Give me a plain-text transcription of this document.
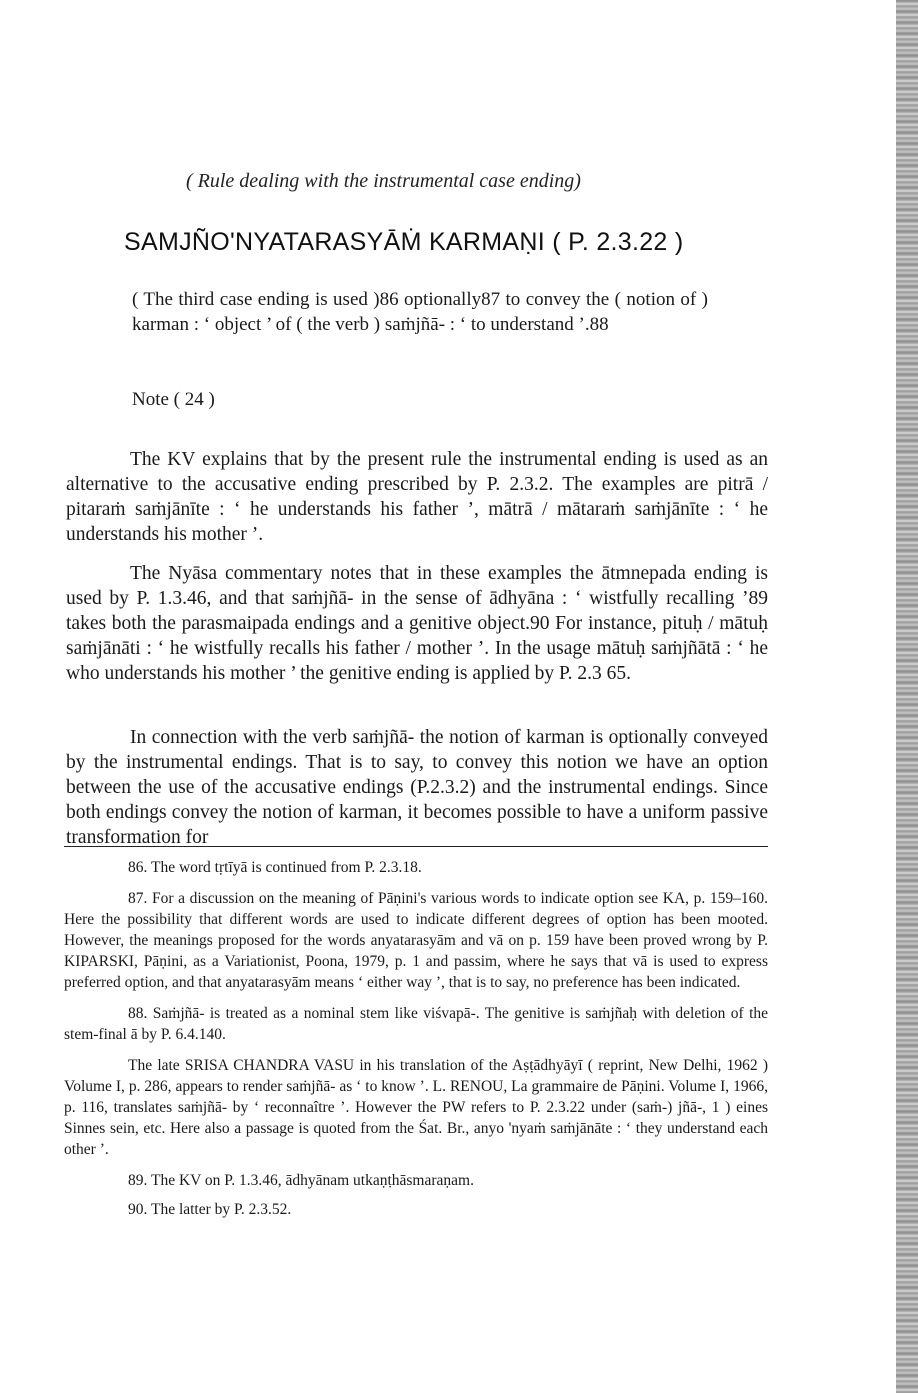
( Rule dealing with the instrumental case ending)
SAMJÑO'NYATARASYĀṀ KARMAṆI ( P. 2.3.22 )
( The third case ending is used )86 optionally87 to convey the ( notion of ) karman : ‘ object ’ of ( the verb ) saṁjñā- : ‘ to understand ’.88
Note ( 24 )

The KV explains that by the present rule the instrumental ending is used as an alternative to the accusative ending prescribed by P. 2.3.2. The examples are pitrā / pitaraṁ saṁjānīte : ‘ he understands his father ’, mātrā / mātaraṁ saṁjānīte : ‘ he understands his mother ’.

The Nyāsa commentary notes that in these examples the ātmnepada ending is used by P. 1.3.46, and that saṁjñā- in the sense of ādhyāna : ‘ wistfully recalling ’89 takes both the parasmaipada endings and a genitive object.90 For instance, pituḥ / mātuḥ saṁjānāti : ‘ he wistfully recalls his father / mother ’. In the usage mātuḥ saṁjñātā : ‘ he who understands his mother ’ the genitive ending is applied by P. 2.3 65.

In connection with the verb saṁjñā- the notion of karman is optionally conveyed by the instrumental endings. That is to say, to convey this notion we have an option between the use of the accusative endings (P.2.3.2) and the instrumental endings. Since both endings convey the notion of karman, it becomes possible to have a uniform passive transformation for

86. The word tṛtīyā is continued from P. 2.3.18.

87. For a discussion on the meaning of Pāṇini's various words to indicate option see KA, p. 159–160. Here the possibility that different words are used to indicate different degrees of option has been mooted. However, the meanings proposed for the words anyatarasyām and vā on p. 159 have been proved wrong by P. KIPARSKI, Pāṇini, as a Variationist, Poona, 1979, p. 1 and passim, where he says that vā is used to express preferred option, and that anyatarasyām means ‘ either way ’, that is to say, no preference has been indicated.

88. Saṁjñā- is treated as a nominal stem like viśvapā-. The genitive is saṁjñaḥ with deletion of the stem-final ā by P. 6.4.140.

The late SRISA CHANDRA VASU in his translation of the Aṣṭādhyāyī ( reprint, New Delhi, 1962 ) Volume I, p. 286, appears to render saṁjñā- as ‘ to know ’. L. RENOU, La grammaire de Pāṇini. Volume I, 1966, p. 116, translates saṁjñā- by ‘ reconnaître ’. However the PW refers to P. 2.3.22 under (saṁ-) jñā-, 1 ) eines Sinnes sein, etc. Here also a passage is quoted from the Śat. Br., anyo 'nyaṁ saṁjānāte : ‘ they understand each other ’.

89. The KV on P. 1.3.46, ādhyānam utkaṇṭhāsmaraṇam.

90. The latter by P. 2.3.52.
